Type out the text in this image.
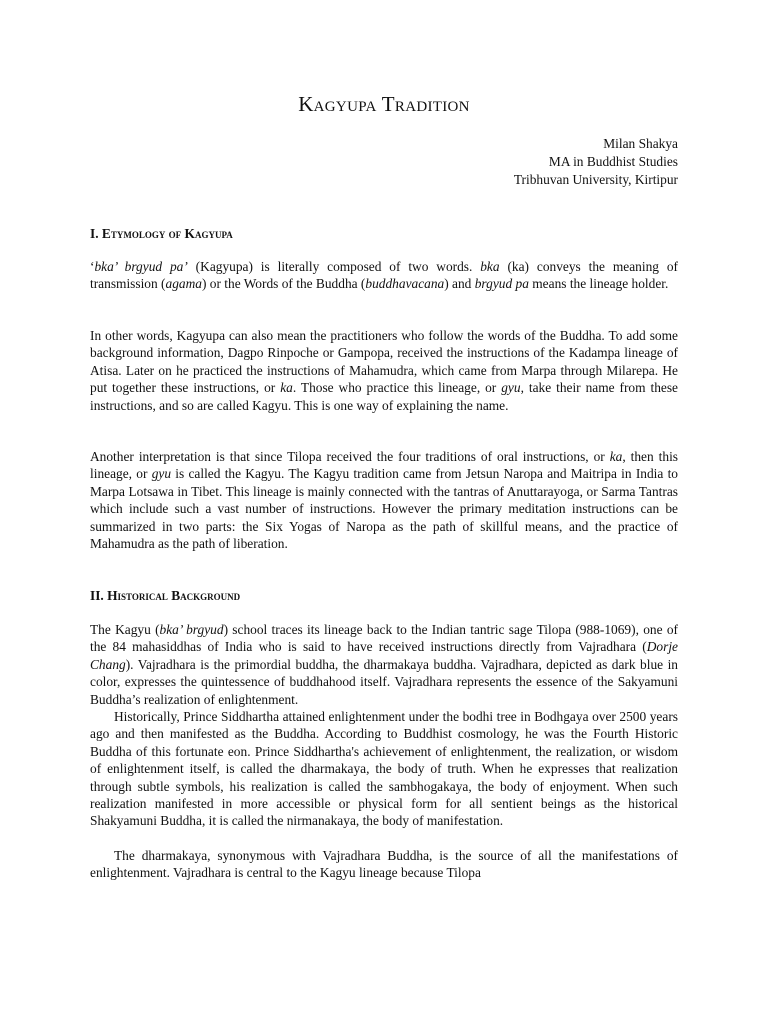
Kagyupa Tradition
Milan Shakya
MA in Buddhist Studies
Tribhuvan University, Kirtipur
I. Etymology of Kagyupa

‘bka’ brgyud pa’ (Kagyupa) is literally composed of two words. bka (ka) conveys the meaning of transmission (agama) or the Words of the Buddha (buddhavacana) and brgyud pa means the lineage holder.

In other words, Kagyupa can also mean the practitioners who follow the words of the Buddha. To add some background information, Dagpo Rinpoche or Gampopa, received the instructions of the Kadampa lineage of Atisa. Later on he practiced the instructions of Mahamudra, which came from Marpa through Milarepa. He put together these instructions, or ka. Those who practice this lineage, or gyu, take their name from these instructions, and so are called Kagyu. This is one way of explaining the name.

Another interpretation is that since Tilopa received the four traditions of oral instructions, or ka, then this lineage, or gyu is called the Kagyu. The Kagyu tradition came from Jetsun Naropa and Maitripa in India to Marpa Lotsawa in Tibet. This lineage is mainly connected with the tantras of Anuttarayoga, or Sarma Tantras which include such a vast number of instructions. However the primary meditation instructions can be summarized in two parts: the Six Yogas of Naropa as the path of skillful means, and the practice of Mahamudra as the path of liberation.

II. Historical Background

The Kagyu (bka’ brgyud) school traces its lineage back to the Indian tantric sage Tilopa (988-1069), one of the 84 mahasiddhas of India who is said to have received instructions directly from Vajradhara (Dorje Chang). Vajradhara is the primordial buddha, the dharmakaya buddha. Vajradhara, depicted as dark blue in color, expresses the quintessence of buddhahood itself. Vajradhara represents the essence of the Sakyamuni Buddha’s realization of enlightenment.

Historically, Prince Siddhartha attained enlightenment under the bodhi tree in Bodhgaya over 2500 years ago and then manifested as the Buddha. According to Buddhist cosmology, he was the Fourth Historic Buddha of this fortunate eon. Prince Siddhartha's achievement of enlightenment, the realization, or wisdom of enlightenment itself, is called the dharmakaya, the body of truth. When he expresses that realization through subtle symbols, his realization is called the sambhogakaya, the body of enjoyment. When such realization manifested in more accessible or physical form for all sentient beings as the historical Shakyamuni Buddha, it is called the nirmanakaya, the body of manifestation.

The dharmakaya, synonymous with Vajradhara Buddha, is the source of all the manifestations of enlightenment. Vajradhara is central to the Kagyu lineage because Tilopa
